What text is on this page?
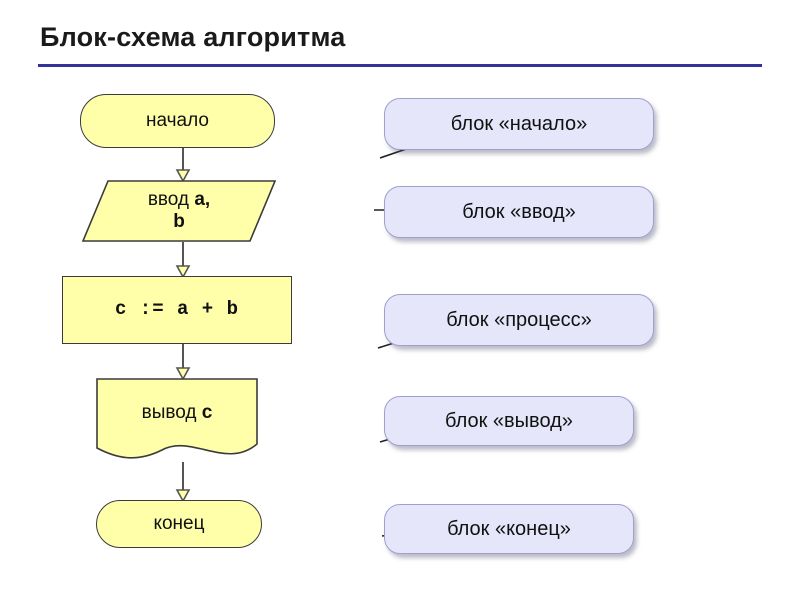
Блок-схема алгоритма
начало
ввод a,
b
c := a + b
вывод c
конец
блок «начало»
блок «ввод»
блок «процесс»
блок «вывод»
блок «конец»
